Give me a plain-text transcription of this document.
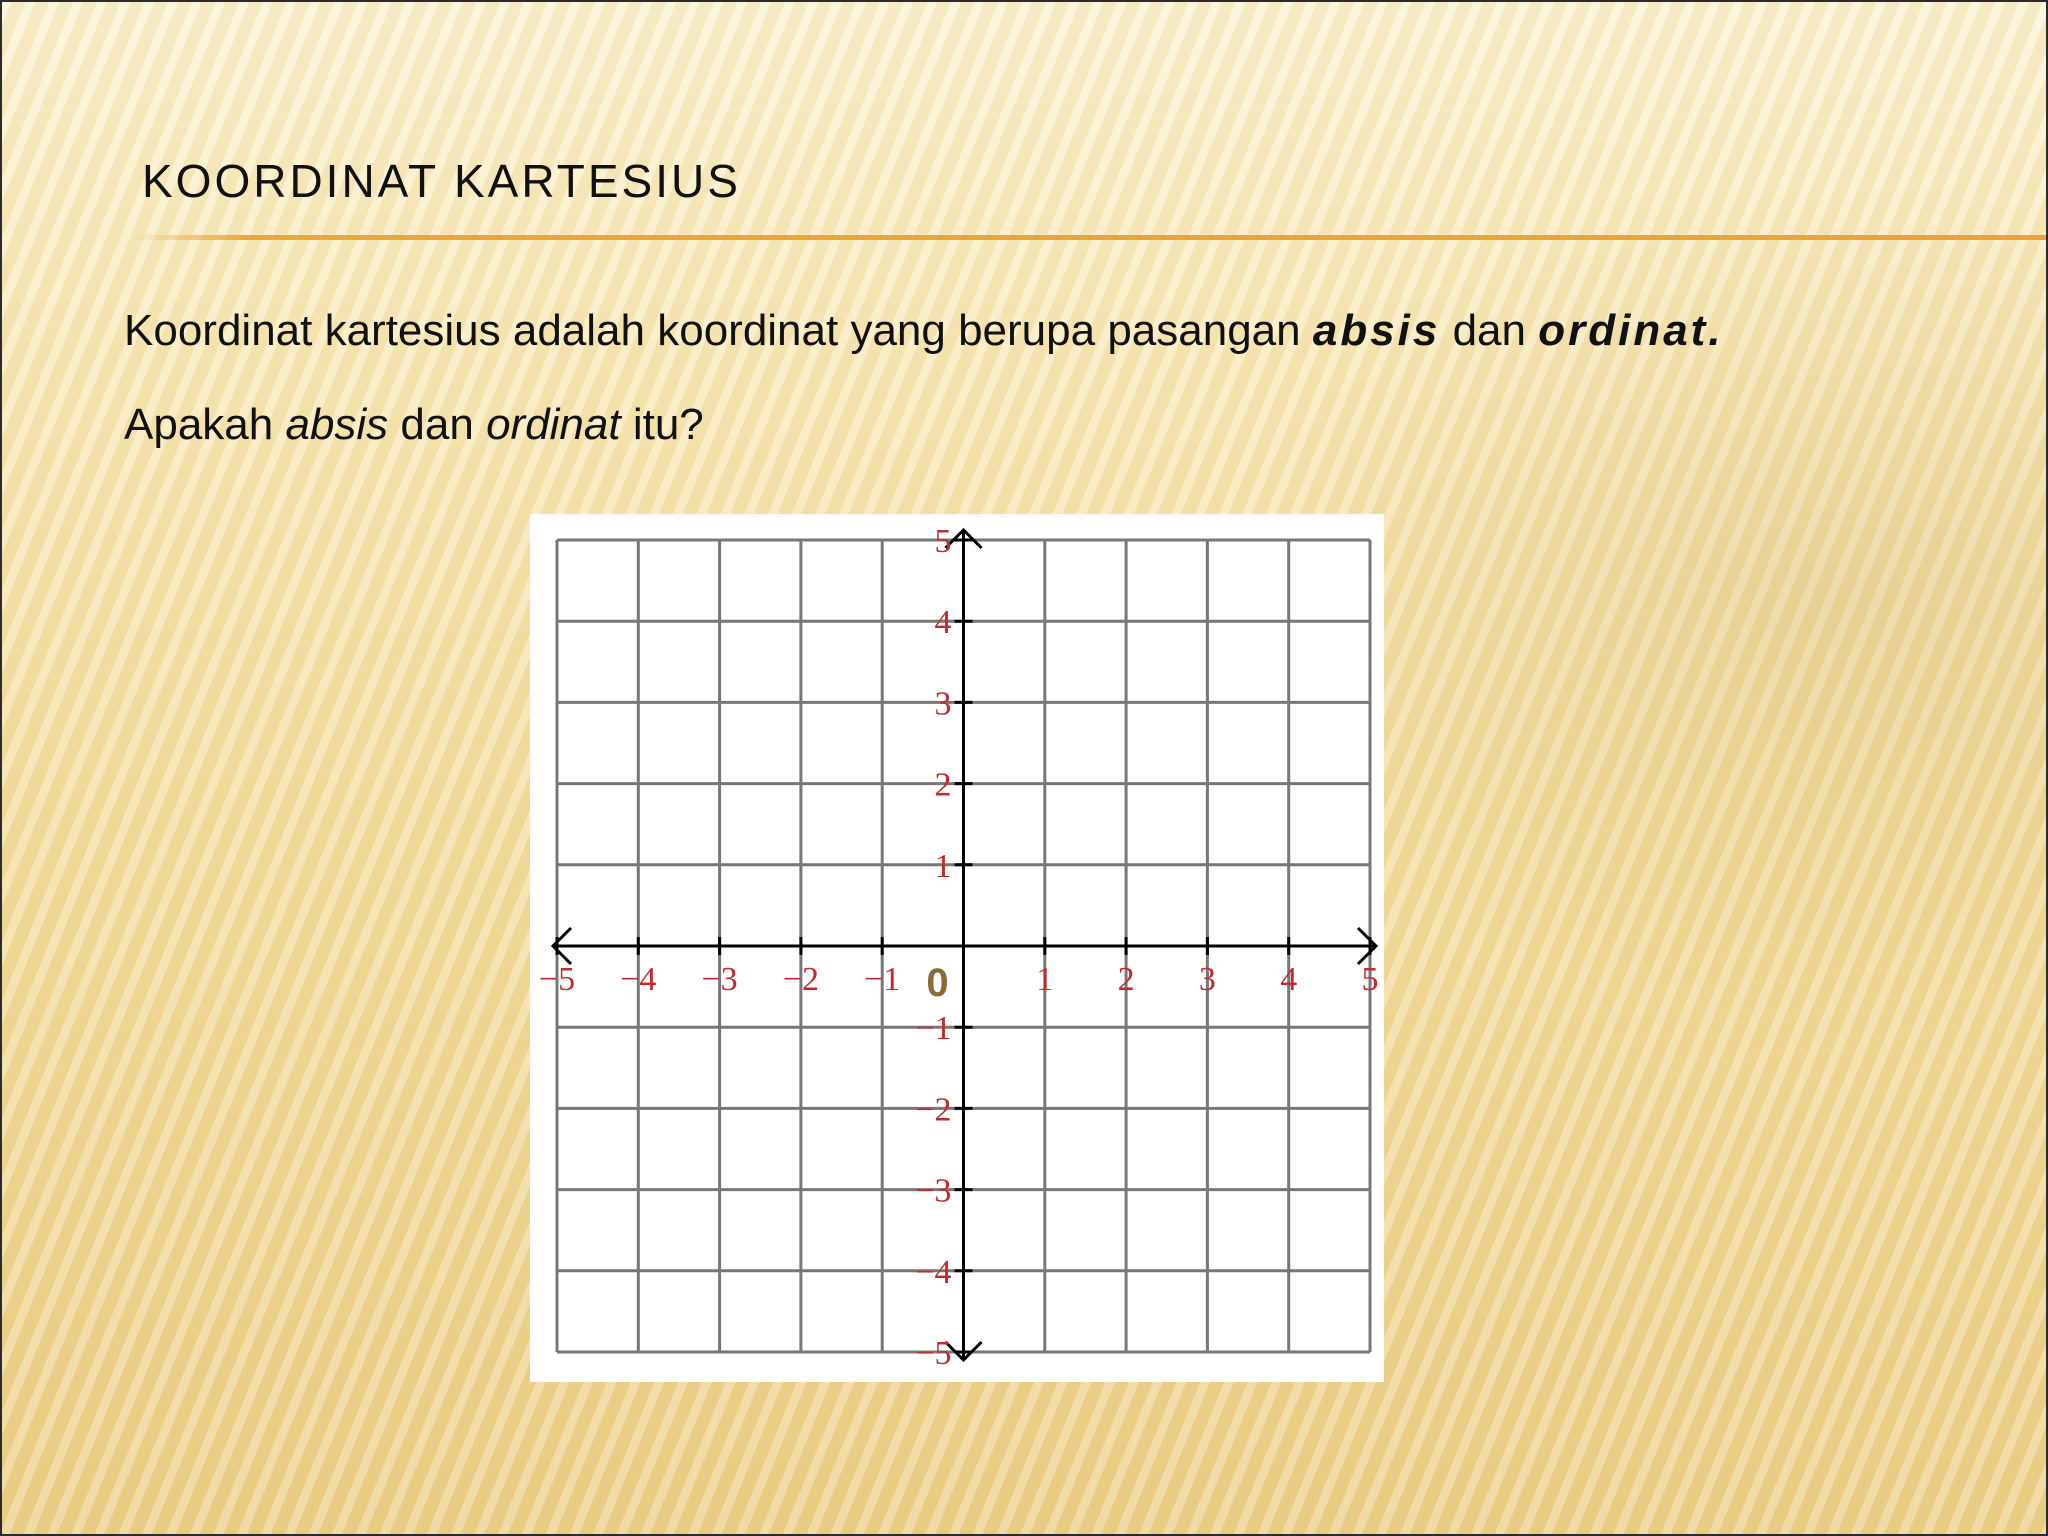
KOORDINAT KARTESIUS

Koordinat kartesius adalah koordinat yang berupa pasangan absis dan ordinat.

Apakah absis dan ordinat itu?

−5 −4 −3 −2 −1	1 2 3 4 5
5
4
3
2
1
−1
−2
−3
−4
−5
0
